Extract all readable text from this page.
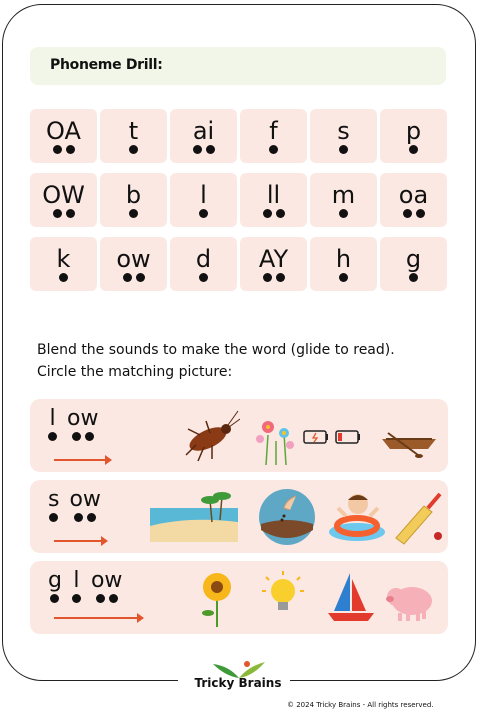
Phoneme Drill:
OA t ai f s p
OW b l	ll m oa
k ow d AY h g
Blend the sounds to make the word (glide to read).
Circle the matching picture:
l ow
s ow
g l ow
Tricky Brains
© 2024 Tricky Brains - All rights reserved.
